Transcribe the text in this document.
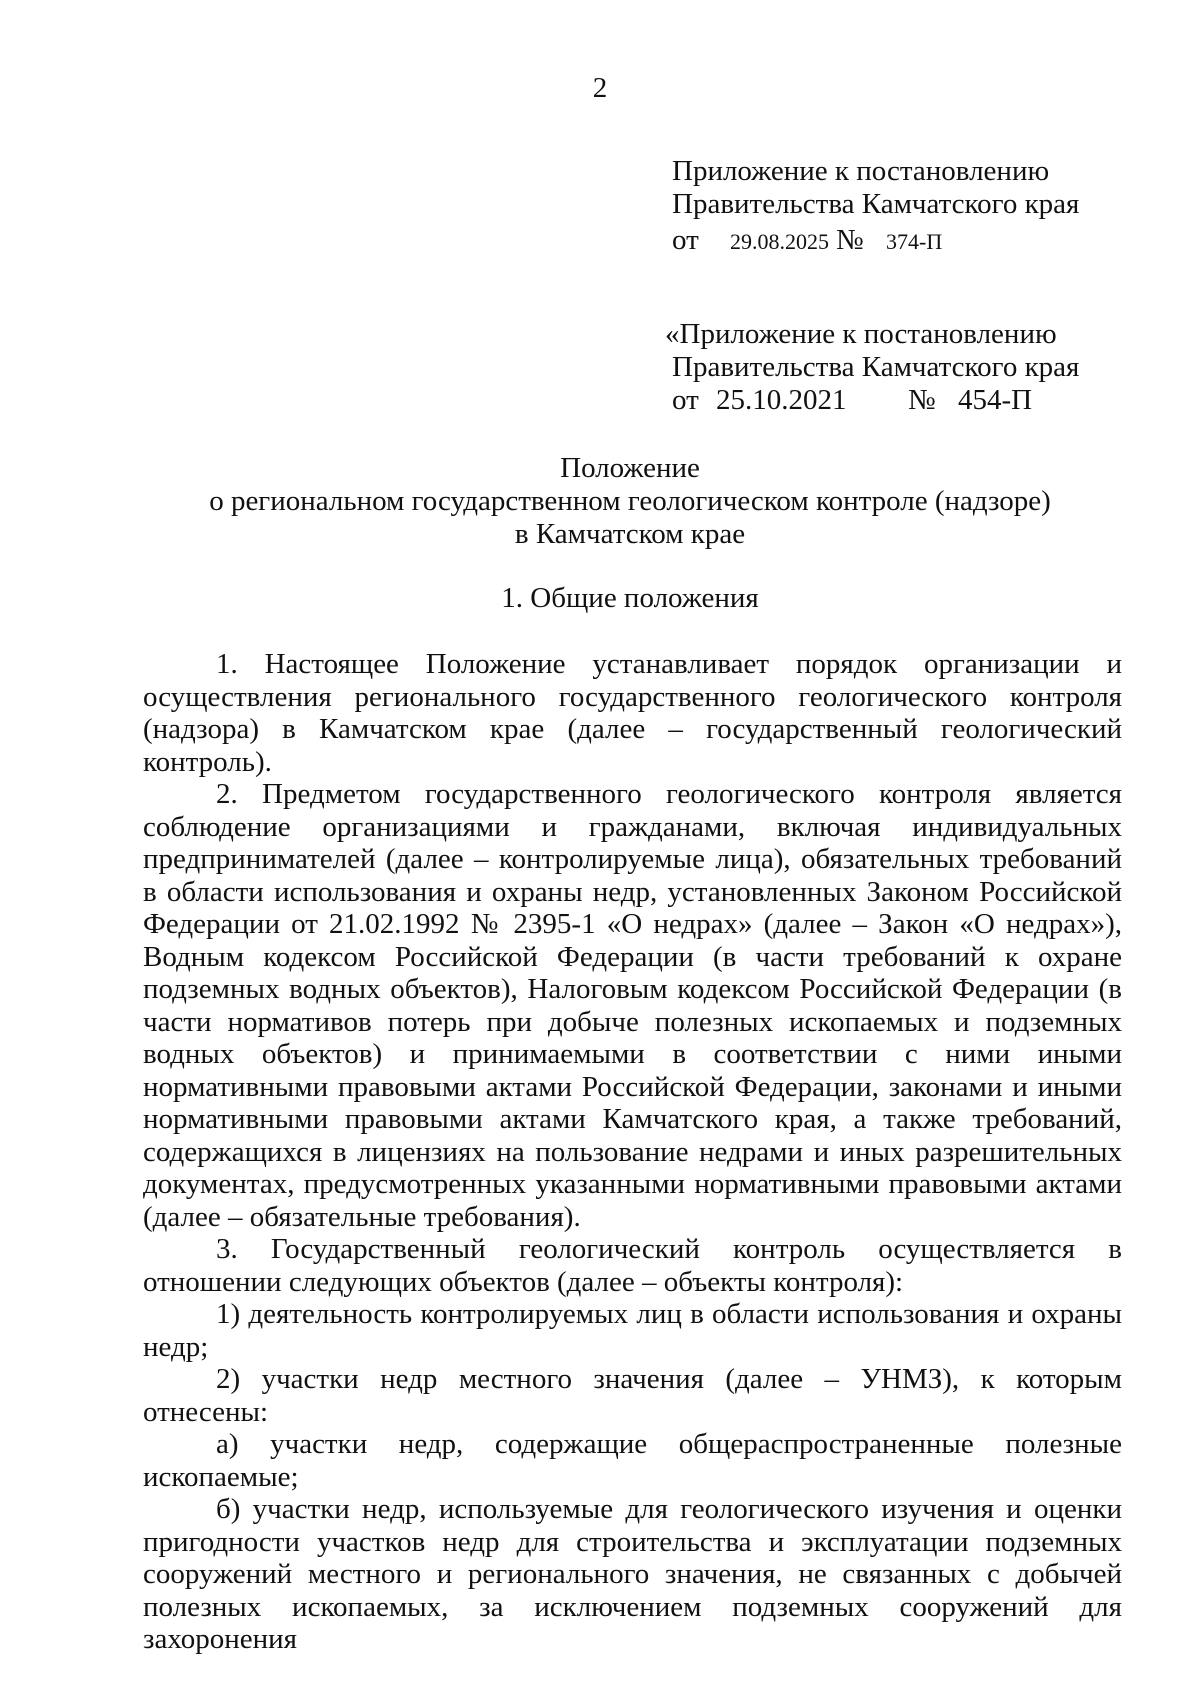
2
Приложение к постановлению
Правительства Камчатского края
от 29.08.2025 № 374-П
«Приложение к постановлению
Правительства Камчатского края
от 25.10.2021 № 454-П
Положение
о региональном государственном геологическом контроле (надзоре)
в Камчатском крае
1. Общие положения

1. Настоящее Положение устанавливает порядок организации и осуществления регионального государственного геологического контроля (надзора) в Камчатском крае (далее – государственный геологический контроль).

2. Предметом государственного геологического контроля является соблюдение организациями и гражданами, включая индивидуальных предпринимателей (далее – контролируемые лица), обязательных требований в области использования и охраны недр, установленных Законом Российской Федерации от 21.02.1992 № 2395-1 «О недрах» (далее – Закон «О недрах»), Водным кодексом Российской Федерации (в части требований к охране подземных водных объектов), Налоговым кодексом Российской Федерации (в части нормативов потерь при добыче полезных ископаемых и подземных водных объектов) и принимаемыми в соответствии с ними иными нормативными правовыми актами Российской Федерации, законами и иными нормативными правовыми актами Камчатского края, а также требований, содержащихся в лицензиях на пользование недрами и иных разрешительных документах, предусмотренных указанными нормативными правовыми актами (далее – обязательные требования).

3. Государственный геологический контроль осуществляется в отношении следующих объектов (далее – объекты контроля):

1) деятельность контролируемых лиц в области использования и охраны недр;

2) участки недр местного значения (далее – УНМЗ), к которым отнесены:

а) участки недр, содержащие общераспространенные полезные ископаемые;

б) участки недр, используемые для геологического изучения и оценки пригодности участков недр для строительства и эксплуатации подземных сооружений местного и регионального значения, не связанных с добычей полезных ископаемых, за исключением подземных сооружений для захоронения
